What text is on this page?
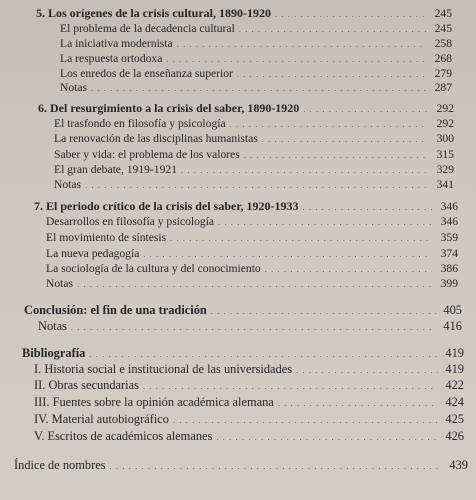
5. Los orígenes de la crisis cultural, 1890-1920 . . .	245
El problema de la decadencia cultural . . .	245
La iniciativa modernista . . .	258
La respuesta ortodoxa . . .	268
Los enredos de la enseñanza superior . . .	279
Notas . . .	287
6. Del resurgimiento a la crisis del saber, 1890-1920 . . .	292
El trasfondo en filosofía y psicología . . .	292
La renovación de las disciplinas humanistas . . .	300
Saber y vida: el problema de los valores . . .	315
El gran debate, 1919-1921 . . .	329
Notas . . .	341
7. El periodo crítico de la crisis del saber, 1920-1933 . . .	346
Desarrollos en filosofía y psicología . . .	346
El movimiento de síntesis . . .	359
La nueva pedagogía . . .	374
La sociología de la cultura y del conocimiento . . .	386
Notas . . .	399
Conclusión: el fin de una tradición . . .	405
Notas . . .	416
Bibliografía . . .	419
I. Historia social e institucional de las universidades . . .	419
II. Obras secundarias . . .	422
III. Fuentes sobre la opinión académica alemana . . .	424
IV. Material autobiográfico . . .	425
V. Escritos de académicos alemanes . . .	426
Índice de nombres . . .	439
